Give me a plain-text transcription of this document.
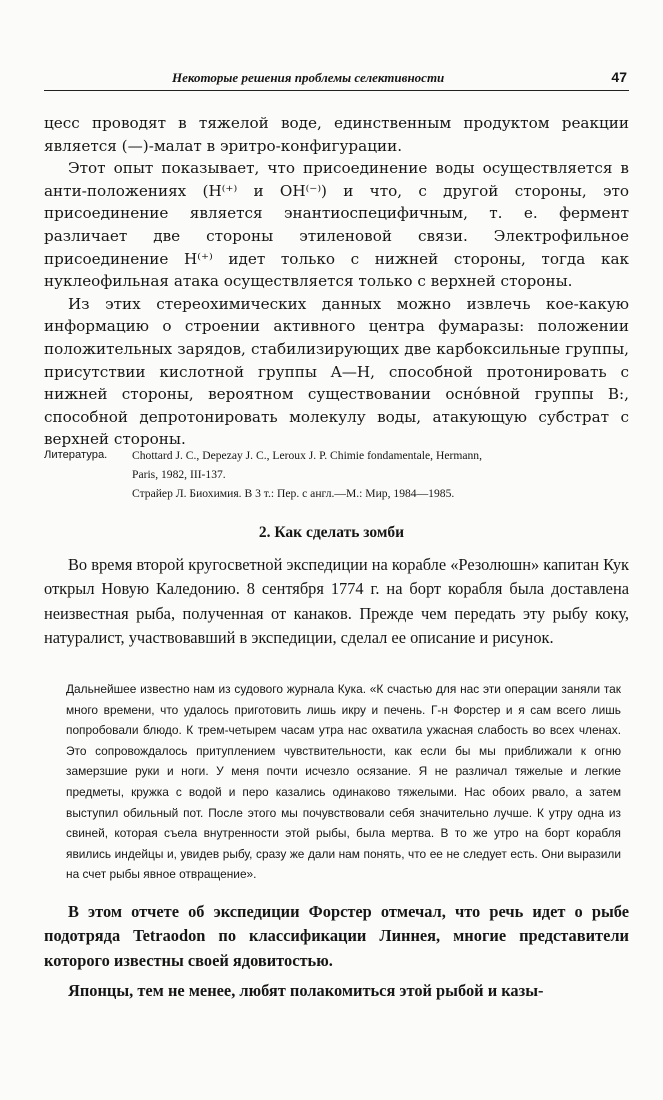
Некоторые решения проблемы селективности	47

цесс проводят в тяжелой воде, единственным продуктом реакции является (—)-малат в эритро-конфигурации.

Этот опыт показывает, что присоединение воды осуществляется в анти-положениях (H⁽⁺⁾ и OH⁽⁻⁾) и что, с другой стороны, это присоединение является энантиоспецифичным, т. е. фермент различает две стороны этиленовой связи. Электрофильное присоединение H⁽⁺⁾ идет только с нижней стороны, тогда как нуклеофильная атака осуществляется только с верхней стороны.

Из этих стереохимических данных можно извлечь кое-какую информацию о строении активного центра фумаразы: положении положительных зарядов, стабилизирующих две карбоксильные группы, присутствии кислотной группы A—H, способной протонировать с нижней стороны, вероятном существовании оснóвной группы B:, способной депротонировать молекулу воды, атакующую субстрат с верхней стороны.

Литература.	Chottard J. C., Depezay J. C., Leroux J. P. Chimie fondamentale, Hermann,
Paris, 1982, III-137.
Страйер Л. Биохимия. В 3 т.: Пер. с англ.—М.: Мир, 1984—1985.
2. Как сделать зомби

Во время второй кругосветной экспедиции на корабле «Резолюшн» капитан Кук открыл Новую Каледонию. 8 сентября 1774 г. на борт корабля была доставлена неизвестная рыба, полученная от канаков. Прежде чем передать эту рыбу коку, натуралист, участвовавший в экспедиции, сделал ее описание и рисунок.

Дальнейшее известно нам из судового журнала Кука. «К счастью для нас эти операции заняли так много времени, что удалось приготовить лишь икру и печень. Г-н Форстер и я сам всего лишь попробовали блюдо. К трем-четырем часам утра нас охватила ужасная слабость во всех членах. Это сопровождалось притуплением чувствительности, как если бы мы приближали к огню замерзшие руки и ноги. У меня почти исчезло осязание. Я не различал тяжелые и легкие предметы, кружка с водой и перо казались одинаково тяжелыми. Нас обоих рвало, а затем выступил обильный пот. После этого мы почувствовали себя значительно лучше. К утру одна из свиней, которая съела внутренности этой рыбы, была мертва. В то же утро на борт корабля явились индейцы и, увидев рыбу, сразу же дали нам понять, что ее не следует есть. Они выразили на счет рыбы явное отвращение».

В этом отчете об экспедиции Форстер отмечал, что речь идет о рыбе подотряда Tetraodon по классификации Линнея, многие представители которого известны своей ядовитостью.

Японцы, тем не менее, любят полакомиться этой рыбой и казы-
